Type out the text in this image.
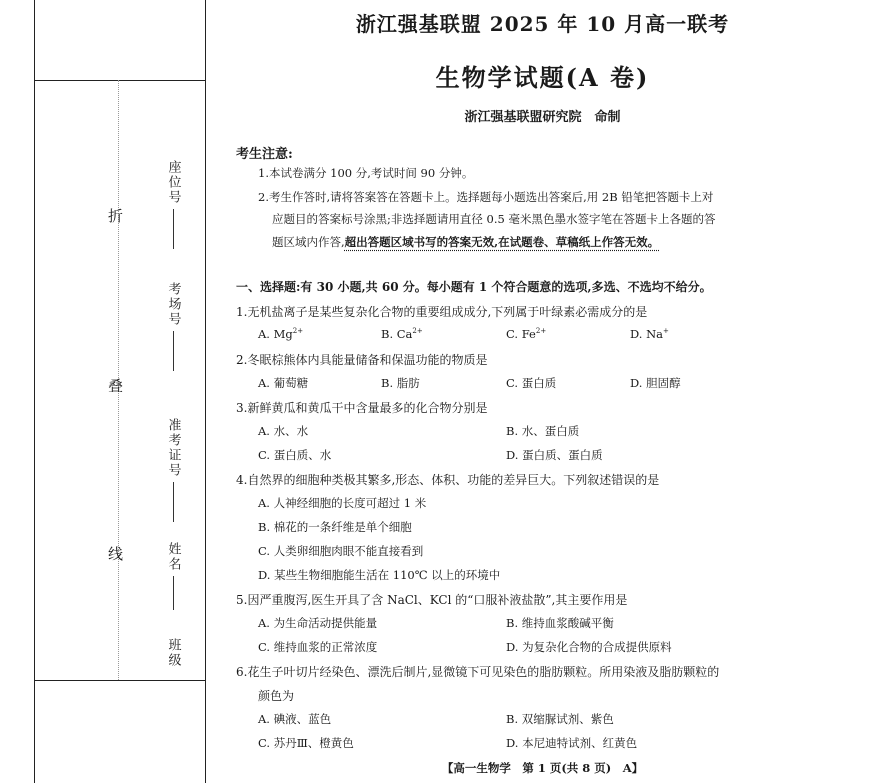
折
叠
线
座位号
考场号
准考证号
姓名
班级
浙江强基联盟 2025 年 10 月高一联考
生物学试题(A 卷)
浙江强基联盟研究院　命制
考生注意:
1.本试卷满分 100 分,考试时间 90 分钟。
2.考生作答时,请将答案答在答题卡上。选择题每小题选出答案后,用 2B 铅笔把答题卡上对
应题目的答案标号涂黑;非选择题请用直径 0.5 毫米黑色墨水签字笔在答题卡上各题的答
题区域内作答,超出答题区域书写的答案无效,在试题卷、草稿纸上作答无效。
一、选择题:有 30 小题,共 60 分。每小题有 1 个符合题意的选项,多选、不选均不给分。
1.无机盐离子是某些复杂化合物的重要组成成分,下列属于叶绿素必需成分的是
A. $Mg^{2+}$	B. $Ca^{2+}$	C. $Fe^{2+}$	D. Na+
2.冬眠棕熊体内具能量储备和保温功能的物质是
A. 葡萄糖	B. 脂肪	C. 蛋白质	D. 胆固醇
3.新鲜黄瓜和黄瓜干中含量最多的化合物分别是
A. 水、水	B. 水、蛋白质
C. 蛋白质、水	D. 蛋白质、蛋白质
4.自然界的细胞种类极其繁多,形态、体积、功能的差异巨大。下列叙述错误的是
A. 人神经细胞的长度可超过 1 米
B. 棉花的一条纤维是单个细胞
C. 人类卵细胞肉眼不能直接看到
D. 某些生物细胞能生活在 110℃ 以上的环境中
5.因严重腹泻,医生开具了含 NaCl、KCl 的“口服补液盐散”,其主要作用是
A. 为生命活动提供能量	B. 维持血浆酸碱平衡
C. 维持血浆的正常浓度	D. 为复杂化合物的合成提供原料
6.花生子叶切片经染色、漂洗后制片,显微镜下可见染色的脂肪颗粒。所用染液及脂肪颗粒的
颜色为
A. 碘液、蓝色	B. 双缩脲试剂、紫色
C. 苏丹Ⅲ、橙黄色	D. 本尼迪特试剂、红黄色
【高一生物学　第 1 页(共 8 页)　A】
